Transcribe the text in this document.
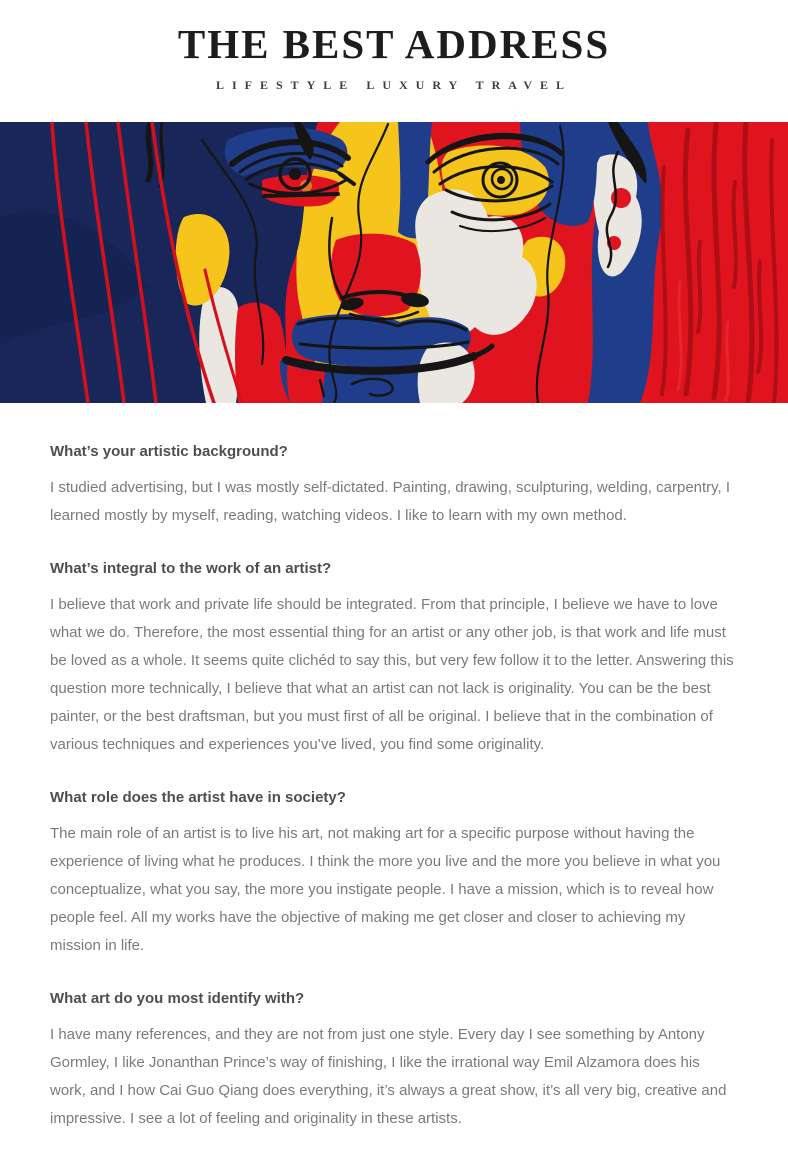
THE BEST ADDRESS
LIFESTYLE LUXURY TRAVEL
What’s your artistic background?

I studied advertising, but I was mostly self-dictated. Painting, drawing, sculpturing, welding, carpentry, I learned mostly by myself, reading, watching videos. I like to learn with my own method.

What’s integral to the work of an artist?

I believe that work and private life should be integrated. From that principle, I believe we have to love what we do. Therefore, the most essential thing for an artist or any other job, is that work and life must be loved as a whole. It seems quite clichéd to say this, but very few follow it to the letter. Answering this question more technically, I believe that what an artist can not lack is originality. You can be the best painter, or the best draftsman, but you must first of all be original. I believe that in the combination of various techniques and experiences you’ve lived, you find some originality.

What role does the artist have in society?

The main role of an artist is to live his art, not making art for a specific purpose without having the experience of living what he produces. I think the more you live and the more you believe in what you conceptualize, what you say, the more you instigate people. I have a mission, which is to reveal how people feel. All my works have the objective of making me get closer and closer to achieving my mission in life.

What art do you most identify with?

I have many references, and they are not from just one style. Every day I see something by Antony Gormley, I like Jonanthan Prince’s way of finishing, I like the irrational way Emil Alzamora does his work, and I how Cai Guo Qiang does everything, it’s always a great show, it’s all very big, creative and impressive. I see a lot of feeling and originality in these artists.
